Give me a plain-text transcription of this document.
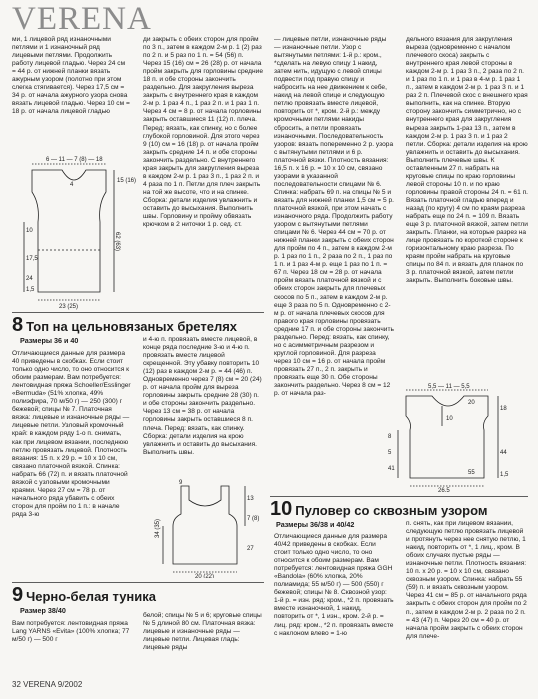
VERENA

ми, 1 лицевой ряд изнаночными петлями и 1 изнаночный ряд лицевыми петлями. Продолжить работу лицевой гладью. Через 24 см = 44 р. от нижней планки вязать ажурным узором (полотно при этом слегка стягивается). Через 17,5 см = 34 р. от начала ажурного узора снова вязать лицевой гладью. Через 10 см = 18 р. от начала лицевой гладью

6 — 11 — 7 (8) — 18
62 (63)
15 (16)
17,5
24
23 (25)
10
4
1,5

ди закрыть с обеих сторон для пройм по 3 п., затем в каждом 2-м р. 1 (2) раз по 2 п. и 5 раз по 1 п. = 54 (56) п. Через 15 (16) см = 26 (28) р. от начала пройм закрыть для горловины средние 18 п. и обе стороны закончить раздельно. Для закругления выреза закрыть с внутреннего края в каждом 2-м р. 1 раз 4 п., 1 раз 2 п. и 1 раз 1 п. Через 4 см = 8 р. от начала горловины закрыть оставшиеся 11 (12) п. плеча. Перед: вязать, как спинку, но с более глубокой горловиной. Для этого через 9 (10) см = 16 (18) р. от начала пройм закрыть средние 14 п. и обе стороны закончить раздельно. С внутреннего края закрыть для закругления выреза в каждом 2-м р. 1 раз 3 п., 1 раз 2 п. и 4 раза по 1 п. Петли для плеч закрыть на той же высоте, что и на спинке. Сборка: детали изделия увлажнить и оставить до высыхания. Выполнить швы. Горловину и пройму обвязать крючком в 2 ниточки 1 р. сед. ст.

8 Топ на цельновязаных бретелях
Размеры 36 и 40

Отличающиеся данные для размера 40 приведены в скобках. Если стоит только одно число, то оно относится к обоим размерам. Вам потребуется: лентовидная пряжа Schoeller/Esslinger «Bermuda» (51% хлопка, 49% полиэфира, 70 м/50 г) — 250 (300) г бежевой; спицы № 7. Платочная вязка: лицевые и изнаночные ряды — лицевые петли. Узловый кромочный край: в каждом ряду 1-о п. снимать, как при лицевом вязании, последнюю петлю провязать лицевой. Плотность вязания: 15 п. x 29 р. = 10 x 10 см, связано платочной вязкой. Спинка: набрать 66 (72) п. и вязать платочной вязкой с узловыми кромочными краями. Через 27 см = 78 р. от начального ряда убавить с обеих сторон для пройм по 1 п.: в начале ряда 3-ю

и 4-ю п. провязать вместе лицевой, в конце ряда последние 3-ю и 4-ю п. провязать вместе лицевой скрещенной. Эту убавку повторить 10 (12) раз в каждом 2-м р. = 44 (46) п. Одновременно через 7 (8) см = 20 (24) р. от начала пройм для выреза горловины закрыть средние 28 (30) п. и обе стороны закончить раздельно. Через 13 см = 38 р. от начала горловины закрыть оставшиеся 8 п. плеча. Перед: вязать, как спинку. Сборка: детали изделия на крою увлажнить и оставить до высыхания. Выполнить швы.

9
13
7 (8)
34 (35)
27
20 (22)
9 Черно-белая туника
Размер 38/40

Вам потребуется: лентовидная пряжа Lang YARNS «Evita» (100% хлопка; 77 м/50 г) — 500 г

белой; спицы № 5 и 6; круговые спицы № 5 длиной 80 см. Платочная вязка: лицевые и изнаночные ряды — лицевые петли. Лицевая гладь: лицевые ряды

— лицевые петли, изнаночные ряды — изнаночные петли. Узор с вытянутыми петлями: 1-й р.: кром., *сделать на левую спицу 1 накид, затем нить, идущую с левой спицы подвести под правую спицу и набросить на нее движением к себе, накид на левой спице и следующую петлю провязать вместе лицевой, повторить от *, кром. 2-й р.: между кромочными петлями накиды сбросить, а петли провязать изнаночными. Последовательность узоров: вязать попеременно 2 р. узора с вытянутыми петлями и 6 р. платочной вязки. Плотность вязания: 16,5 п. x 16 р. = 10 x 10 см, связано узорами в указанной последовательности спицами № 6. Спинка: набрать 69 п. на спицы № 5 и вязать для нижней планки 1,5 см = 5 р. платочной вязкой, при этом начать с изнаночного ряда. Продолжить работу узором с вытянутыми петлями спицами № 6. Через 44 см = 70 р. от нижней планки закрыть с обеих сторон для пройм по 4 п., затем в каждом 2-м р. 1 раз по 1 п., 2 раза по 2 п., 1 раз по 1 п. и 1 раз 4-м р. еще 1 раз по 1 п. = 67 п. Через 18 см = 28 р. от начала пройм вязать платочной вязкой и с обеих сторон закрыть для плечевых скосов по 5 п., затем в каждом 2-м р. еще 3 раза по 5 п. Одновременно с 2-м р. от начала плечевых скосов для правого края горловины провязать средние 17 п. и обе стороны закончить раздельно. Перед: вязать, как спинку, но с асимметричным разрезом и круглой горловиной. Для разреза через 10 см = 16 р. от начала пройм провязать 27 п., 2 п. закрыть и провязать еще 30 п. Обе стороны закончить раздельно. Через 8 см = 12 р. от начала раз-

дельного вязания для закругления выреза (одновременно с началом плечевого скоса) закрыть с внутреннего края левой стороны в каждом 2-м р. 1 раз 3 п., 2 раза по 2 п. и 1 раз по 1 п. и 1 раз в 4-м р. 1 раз 1 п., затем в каждом 2-м р. 1 раз 3 п. и 1 раз 2 п. Плечевой скос с внешнего края выполнить, как на спинке. Вторую сторону закончить симметрично, но с внутреннего края для закругления выреза закрыть 1-раз 13 п., затем в каждом 2-м р. 1 раз 3 п. и 1 раз 2 петли. Сборка: детали изделия на крою увлажнить и оставить до высыхания. Выполнить плечевые швы. К оставленным 27 п. набрать на круговые спицы по краю горловины левой стороны 10 п. и по краю горловины правой стороны 24 п. = 61 п. Вязать платочной гладью вперед и назад (по кругу) 4 см по краям разреза набрать еще по 24 п. = 109 п. Вязать еще 3 р. платочной вязкой, затем петли закрыть. Планки, на которые разрез на лице провязать по короткой стороне к горизонтальному краю разреза. По краям пройм набрать на круговые спицы по 84 п. и вязать для планок по 3 р. платочной вязкой, затем петли закрыть. Выполнить боковые швы.

5,5 — 11 — 5,5
18
10
44
1,5
26,5
8
5
41
20
55
10 Пуловер со сквозным узором
Размеры 36/38 и 40/42

Отличающиеся данные для размера 40/42 приведены в скобках. Если стоит только одно число, то оно относится к обоим размерам. Вам потребуется: лентовидная пряжа GGH «Bandola» (60% хлопка, 20% полиамида; 55 м/50 г) — 500 (550) г бежевой; спицы № 8. Сквозной узор: 1-й р. = изн. ряд: кром., *2 п. провязать вместе изнаночной, 1 накид, повторить от *, 1 изн., кром. 2-й р. = лиц. ряд: кром., *2 п. провязать вместе с наклоном влево = 1-ю

п. снять, как при лицевом вязании, следующую петлю провязать лицевой и протянуть через нее снятую петлю, 1 накид, повторить от *, 1 лиц., кром. В обоих случаях пустые ряды — изнаночные петли. Плотность вязания: 10 п. x 20 р. = 10 x 10 см, связано сквозным узором. Спинка: набрать 55 (59) п. и вязать сквозным узором. Через 41 см = 85 р. от начального ряда закрыть с обеих сторон для пройм по 2 п., затем в каждом 2-м р. 2 раза по 2 п. = 43 (47) п. Через 20 см = 40 р. от начала пройм закрыть с обеих сторон для плече-

32 VERENA 9/2002
